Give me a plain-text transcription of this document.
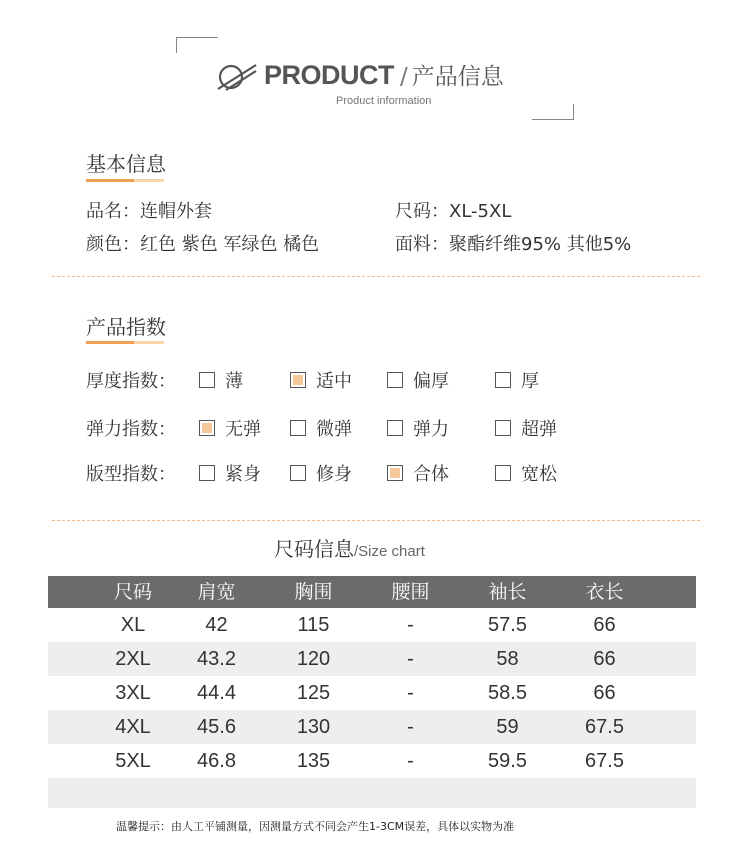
PRODUCT / 产品信息
Product information
基本信息
品名：连帽外套	尺码：XL-5XL
颜色：红色 紫色 军绿色 橘色	面料：聚酯纤维95% 其他5%
产品指数
厚度指数：	薄	适中	偏厚	厚
弹力指数：	无弹	微弹	弹力	超弹
版型指数：	紧身	修身	合体	宽松
尺码信息/Size chart
尺码	肩宽	胸围	腰围	袖长	衣长
XL	42	115	-	57.5	66
2XL	43.2	120	-	58	66
3XL	44.4	125	-	58.5	66
4XL	45.6	130	-	59	67.5
5XL	46.8	135	-	59.5	67.5
温馨提示：由人工平铺测量，因测量方式不同会产生1-3CM误差，具体以实物为准
